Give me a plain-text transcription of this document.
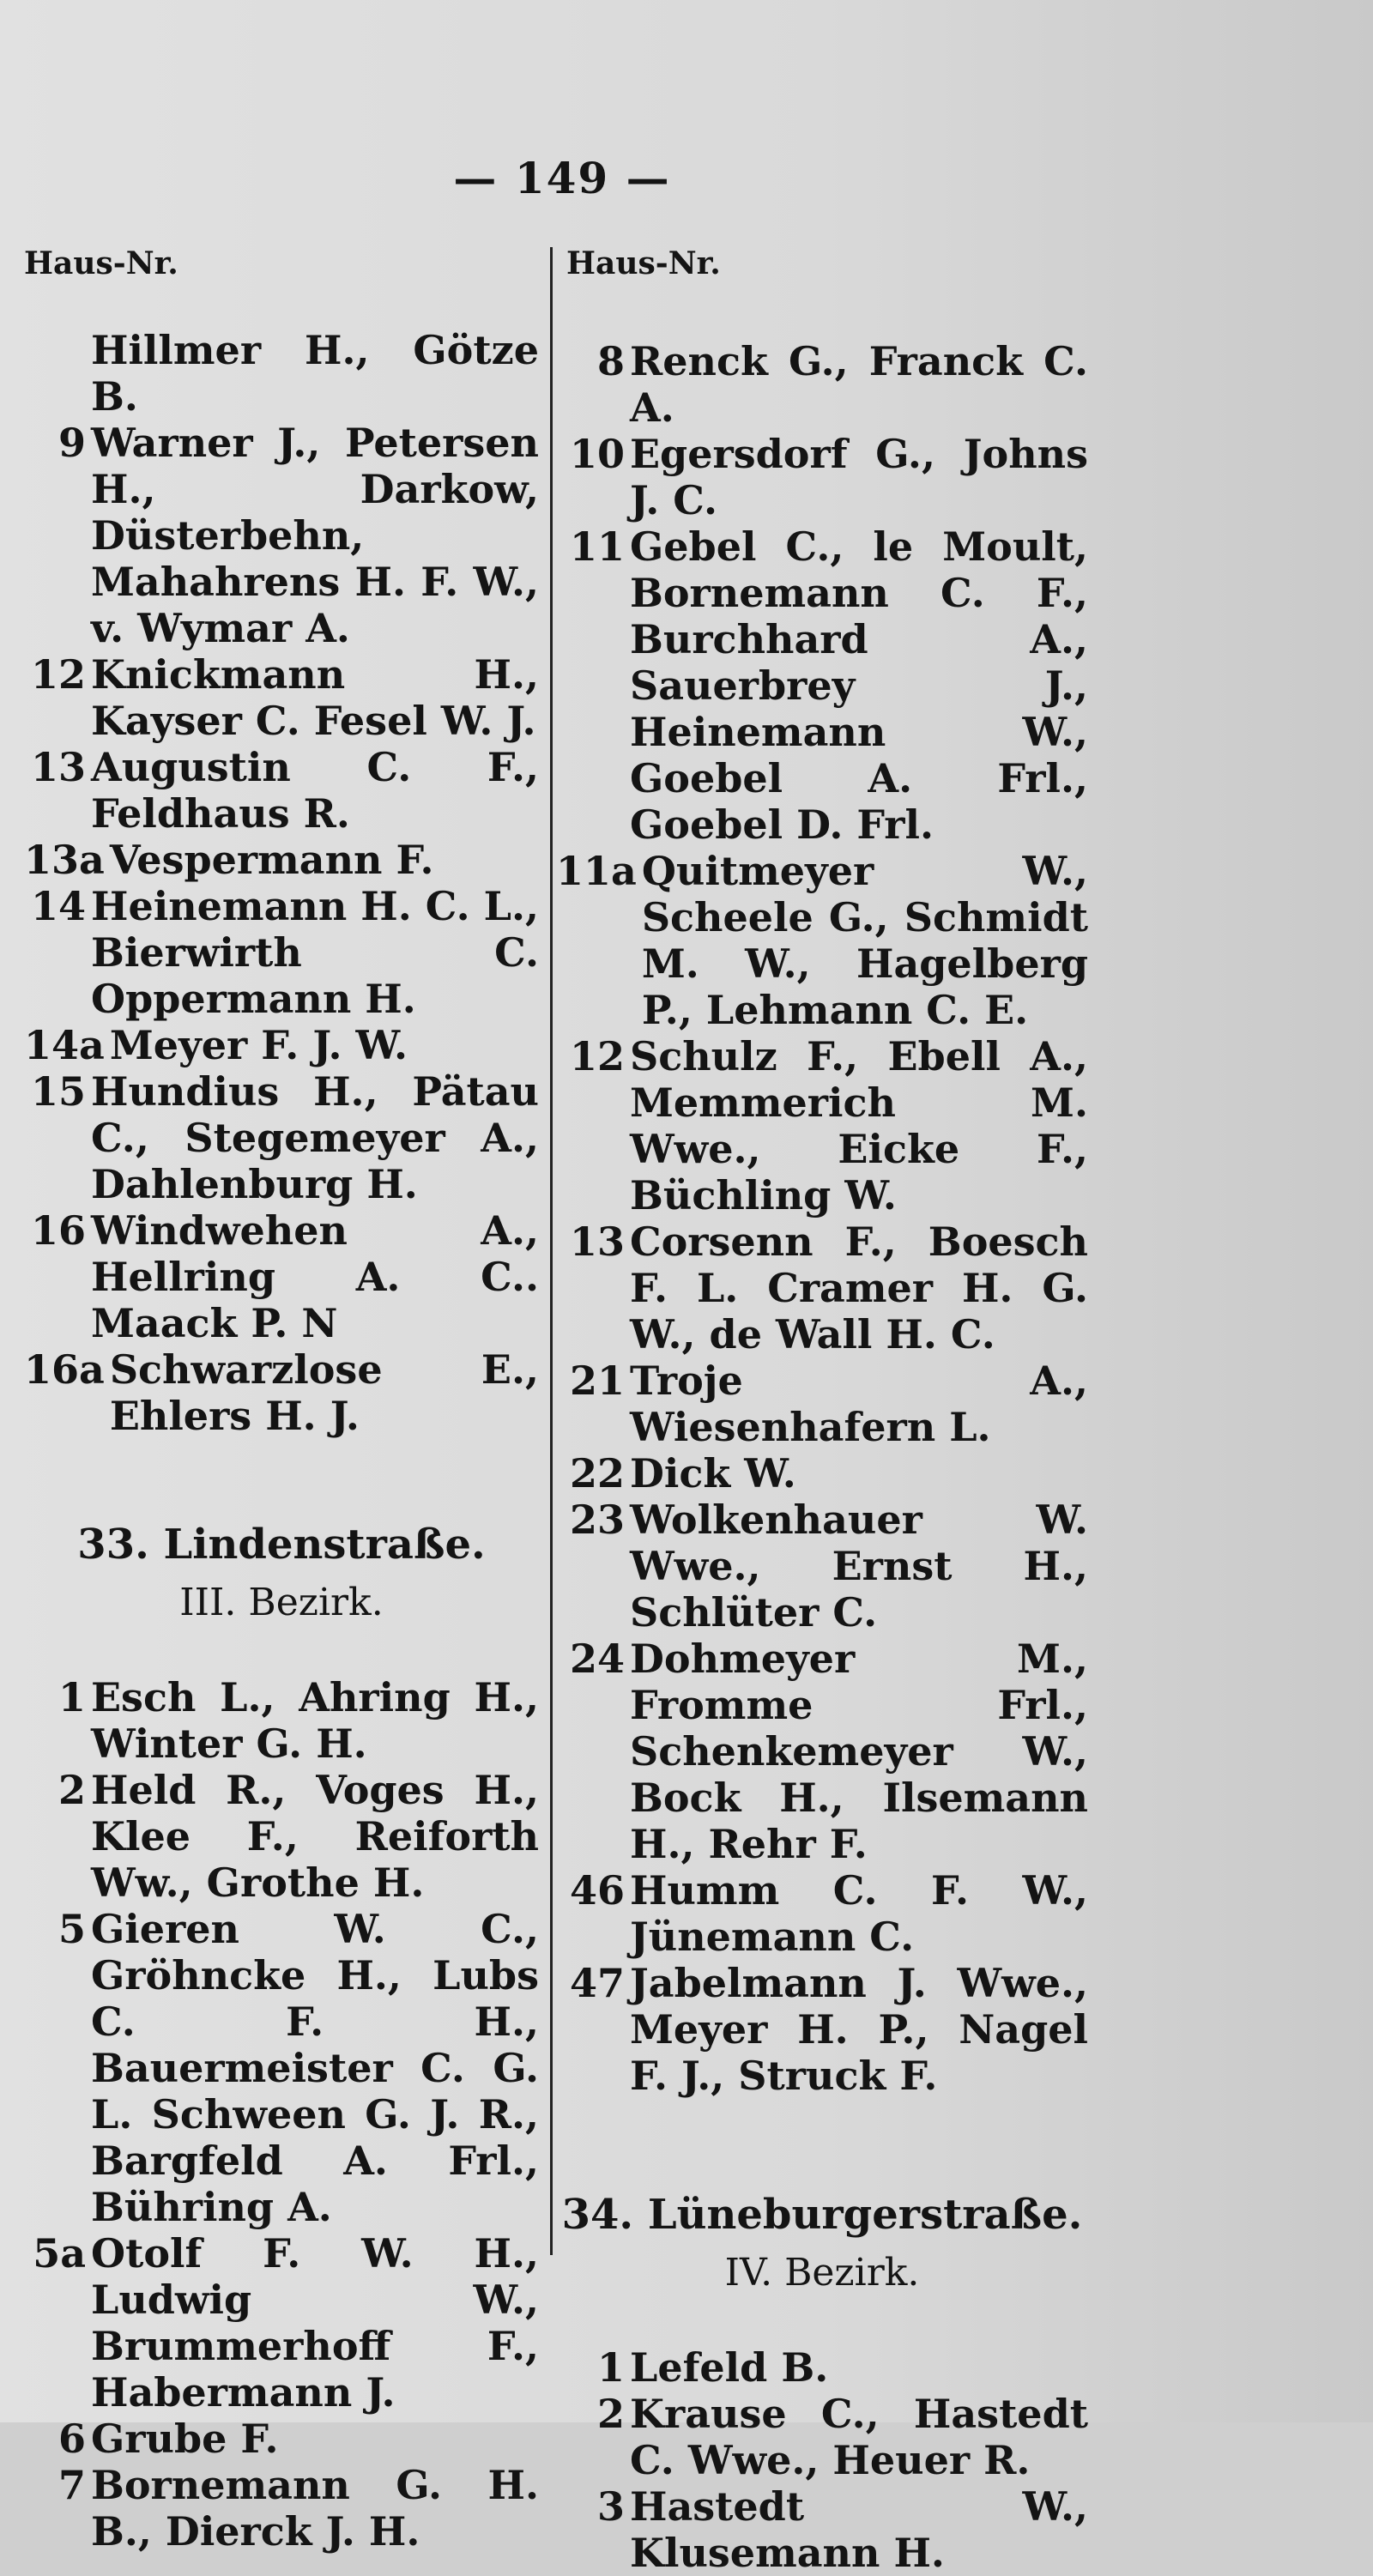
— 149 —
Haus-Nr.	Haus-Nr.
Hillmer H., Götze B.
9 Warner J., Petersen H., Darkow, Düsterbehn, Mahahrens H. F. W., v. Wymar A.
12 Knickmann H., Kayser C. Fesel W. J.
13 Augustin C. F., Feldhaus R.
13a Vespermann F.
14 Heinemann H. C. L., Bierwirth C. Oppermann H.
14a Meyer F. J. W.
15 Hundius H., Pätau C., Stegemeyer A., Dahlenburg H.
16 Windwehen A., Hellring A. C.. Maack P. N
16a Schwarzlose E., Ehlers H. J.
33. Lindenstraße.
III. Bezirk.
1 Esch L., Ahring H., Winter G. H.
2 Held R., Voges H., Klee F., Reiforth Ww., Grothe H.
5 Gieren W. C., Gröhncke H., Lubs C. F. H., Bauermeister C. G. L. Schween G. J. R., Bargfeld A. Frl., Bühring A.
5a Otolf F. W. H., Ludwig W., Brummerhoff F., Habermann J.
6 Grube F.
7 Bornemann G. H. B., Dierck J. H.
8 Renck G., Franck C. A.
10 Egersdorf G., Johns J. C.
11 Gebel C., le Moult, Bornemann C. F., Burchhard A., Sauerbrey J., Heinemann W., Goebel A. Frl., Goebel D. Frl.
11a Quitmeyer W., Scheele G., Schmidt M. W., Hagelberg P., Lehmann C. E.
12 Schulz F., Ebell A., Memmerich M. Wwe., Eicke F., Büchling W.
13 Corsenn F., Boesch F. L. Cramer H. G. W., de Wall H. C.
21 Troje A., Wiesenhafern L.
22 Dick W.
23 Wolkenhauer W. Wwe., Ernst H., Schlüter C.
24 Dohmeyer M., Fromme Frl., Schenkemeyer W., Bock H., Ilsemann H., Rehr F.
46 Humm C. F. W., Jünemann C.
47 Jabelmann J. Wwe., Meyer H. P., Nagel F. J., Struck F.
34. Lüneburgerstraße.
IV. Bezirk.
1 Lefeld B.
2 Krause C., Hastedt C. Wwe., Heuer R.
3 Hastedt W., Klusemann H.
